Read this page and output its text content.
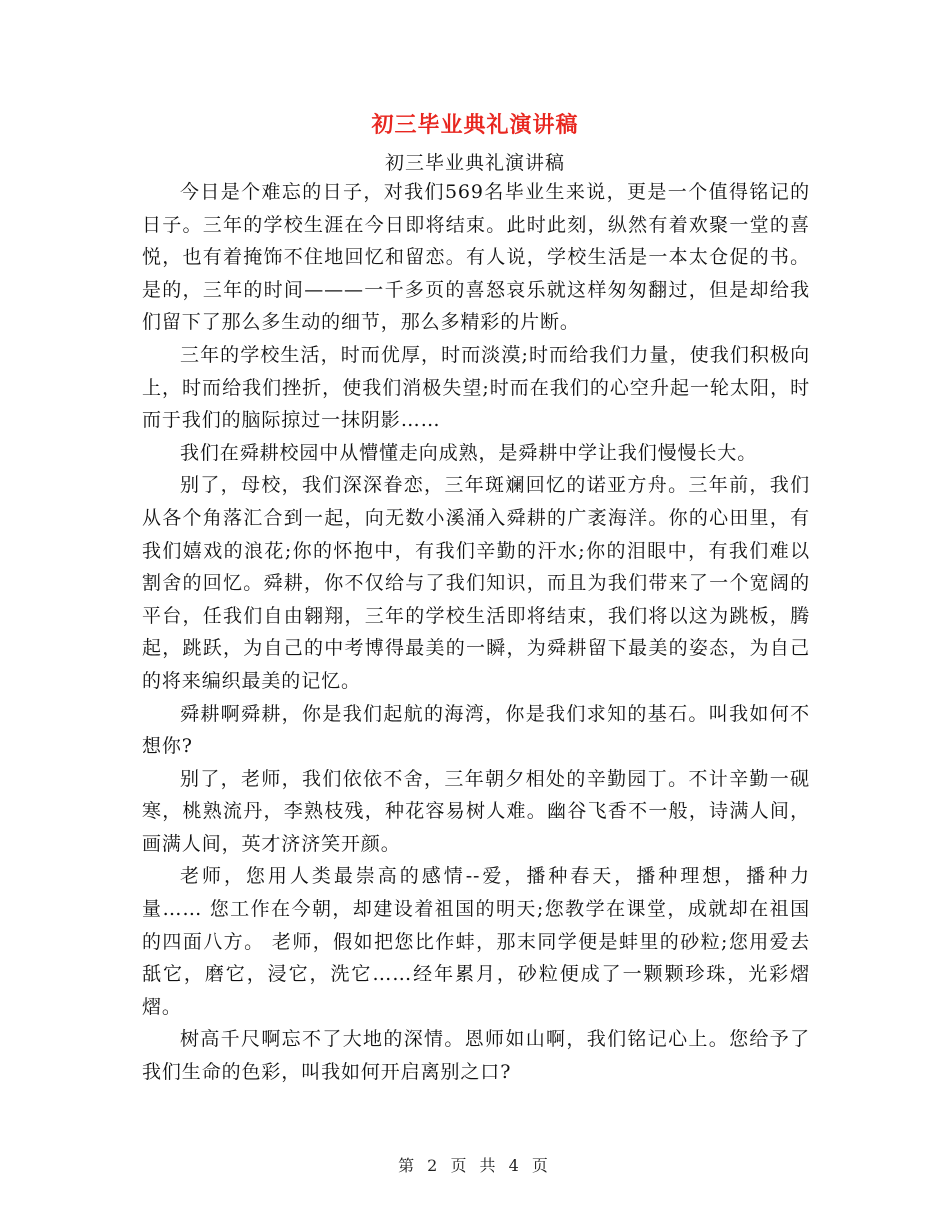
初三毕业典礼演讲稿
初三毕业典礼演讲稿

今日是个难忘的日子，对我们569名毕业生来说，更是一个值得铭记的日子。三年的学校生涯在今日即将结束。此时此刻，纵然有着欢聚一堂的喜悦，也有着掩饰不住地回忆和留恋。有人说，学校生活是一本太仓促的书。是的，三年的时间———一千多页的喜怒哀乐就这样匆匆翻过，但是却给我们留下了那么多生动的细节，那么多精彩的片断。

三年的学校生活，时而优厚，时而淡漠;时而给我们力量，使我们积极向上，时而给我们挫折，使我们消极失望;时而在我们的心空升起一轮太阳，时而于我们的脑际掠过一抹阴影……

我们在舜耕校园中从懵懂走向成熟，是舜耕中学让我们慢慢长大。

别了，母校，我们深深眷恋，三年斑斓回忆的诺亚方舟。三年前，我们从各个角落汇合到一起，向无数小溪涌入舜耕的广袤海洋。你的心田里，有我们嬉戏的浪花;你的怀抱中，有我们辛勤的汗水;你的泪眼中，有我们难以割舍的回忆。舜耕，你不仅给与了我们知识，而且为我们带来了一个宽阔的平台，任我们自由翱翔，三年的学校生活即将结束，我们将以这为跳板，腾起，跳跃，为自己的中考博得最美的一瞬，为舜耕留下最美的姿态，为自己的将来编织最美的记忆。

舜耕啊舜耕，你是我们起航的海湾，你是我们求知的基石。叫我如何不想你?

别了，老师，我们依依不舍，三年朝夕相处的辛勤园丁。不计辛勤一砚寒，桃熟流丹，李熟枝残，种花容易树人难。幽谷飞香不一般，诗满人间，画满人间，英才济济笑开颜。

老师，您用人类最崇高的感情--爱，播种春天，播种理想，播种力量…… 您工作在今朝，却建设着祖国的明天;您教学在课堂，成就却在祖国的四面八方。 老师，假如把您比作蚌，那末同学便是蚌里的砂粒;您用爱去舐它，磨它，浸它，洗它……经年累月，砂粒便成了一颗颗珍珠，光彩熠熠。

树高千尺啊忘不了大地的深情。恩师如山啊，我们铭记心上。您给予了我们生命的色彩，叫我如何开启离别之口?

第 2 页 共 4 页
